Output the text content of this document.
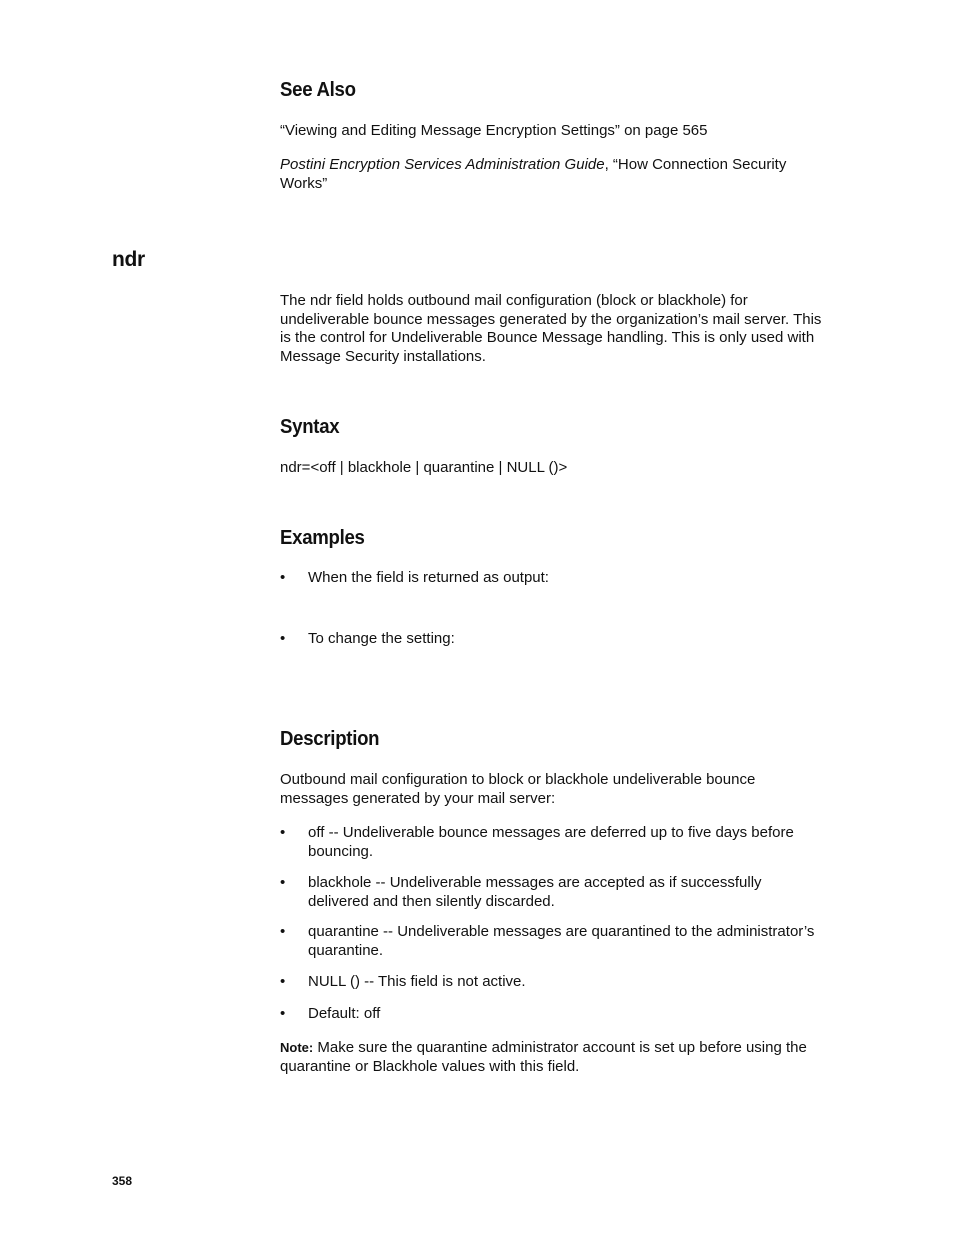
See Also

“Viewing and Editing Message Encryption Settings” on page 565

Postini Encryption Services Administration Guide, “How Connection Security
Works”

ndr
The ndr field holds outbound mail configuration (block or blackhole) for
undeliverable bounce messages generated by the organization’s mail server. This
is the control for Undeliverable Bounce Message handling. This is only used with
Message Security installations.
Syntax

ndr=<off | blackhole | quarantine | NULL ()>

Examples
• When the field is returned as output:
• To change the setting:
Description
Outbound mail configuration to block or blackhole undeliverable bounce
messages generated by your mail server:
• off -- Undeliverable bounce messages are deferred up to five days before
bouncing.
• blackhole -- Undeliverable messages are accepted as if successfully
delivered and then silently discarded.
• quarantine -- Undeliverable messages are quarantined to the administrator’s
quarantine.
• NULL () -- This field is not active.
• Default: off
Note: Make sure the quarantine administrator account is set up before using the
quarantine or Blackhole values with this field.
358
